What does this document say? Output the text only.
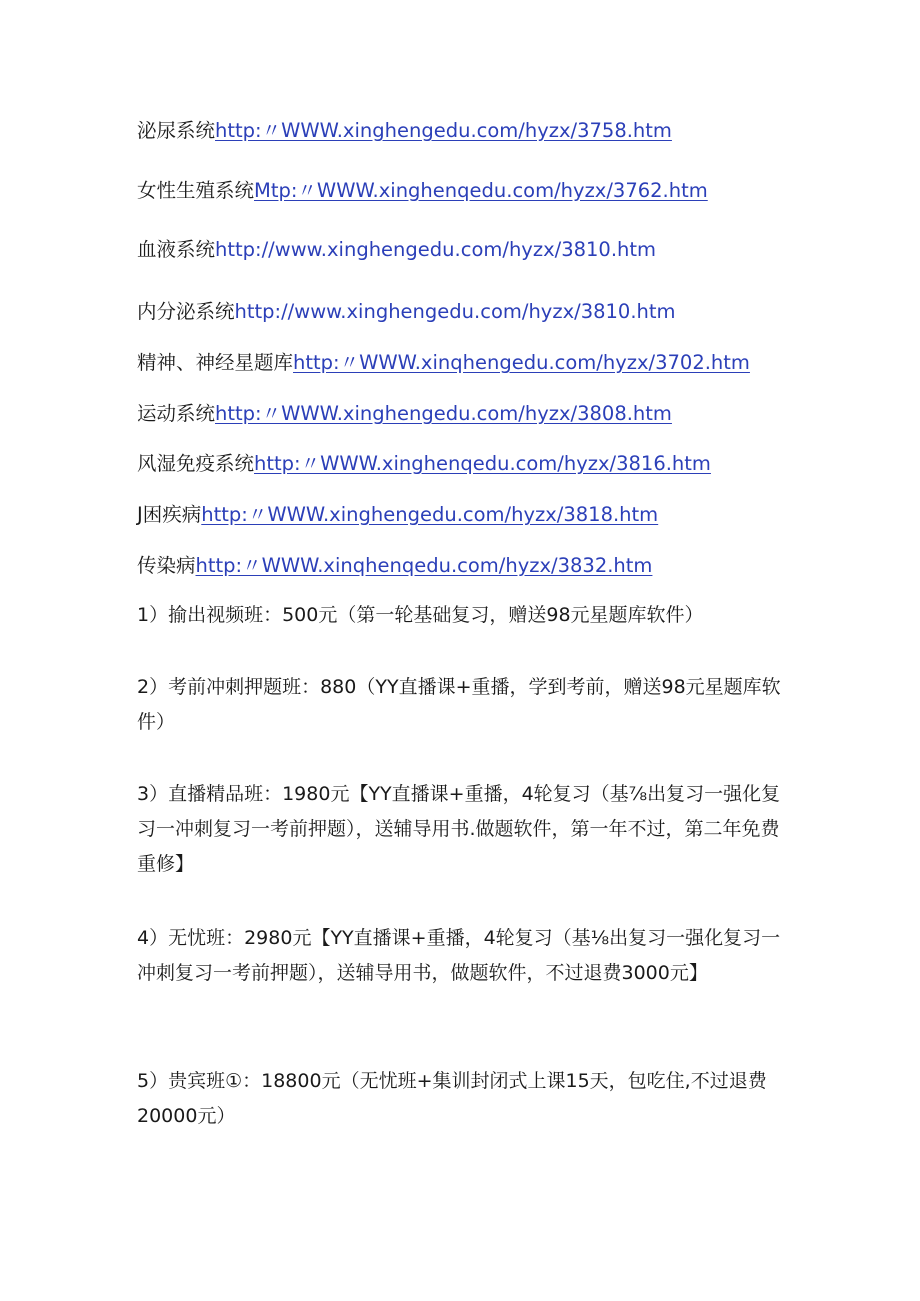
泌尿系统http:〃WWW.xinghengedu.com/hyzx/3758.htm
女性生殖系统Mtp:〃WWW.xinghenqedu.com/hyzx/3762.htm
血液系统http://www.xinghengedu.com/hyzx/3810.htm
内分泌系统http://www.xinghengedu.com/hyzx/3810.htm
精神、神经星题库http:〃WWW.xinqhengedu.com/hyzx/3702.htm
运动系统http:〃WWW.xinghengedu.com/hyzx/3808.htm
风湿免疫系统http:〃WWW.xinghenqedu.com/hyzx/3816.htm
J困疾病http:〃WWW.xinghengedu.com/hyzx/3818.htm
传染病http:〃WWW.xinqhenqedu.com/hyzx/3832.htm
1）揄出视频班：500元（第一轮基础复习，赠送98元星题库软件）
2）考前冲刺押题班：880（YY直播课+重播，学到考前，赠送98元星题库软件）
3）直播精品班：1980元【YY直播课+重播，4轮复习（基⅞出复习一强化复习一冲刺复习一考前押题），送辅导用书.做题软件，第一年不过，第二年免费重修】
4）无忧班：2980元【YY直播课+重播，4轮复习（基⅛出复习一强化复习一冲刺复习一考前押题），送辅导用书，做题软件，不过退费3000元】
5）贵宾班①：18800元（无忧班+集训封闭式上课15天，包吃住,不过退费20000元）
